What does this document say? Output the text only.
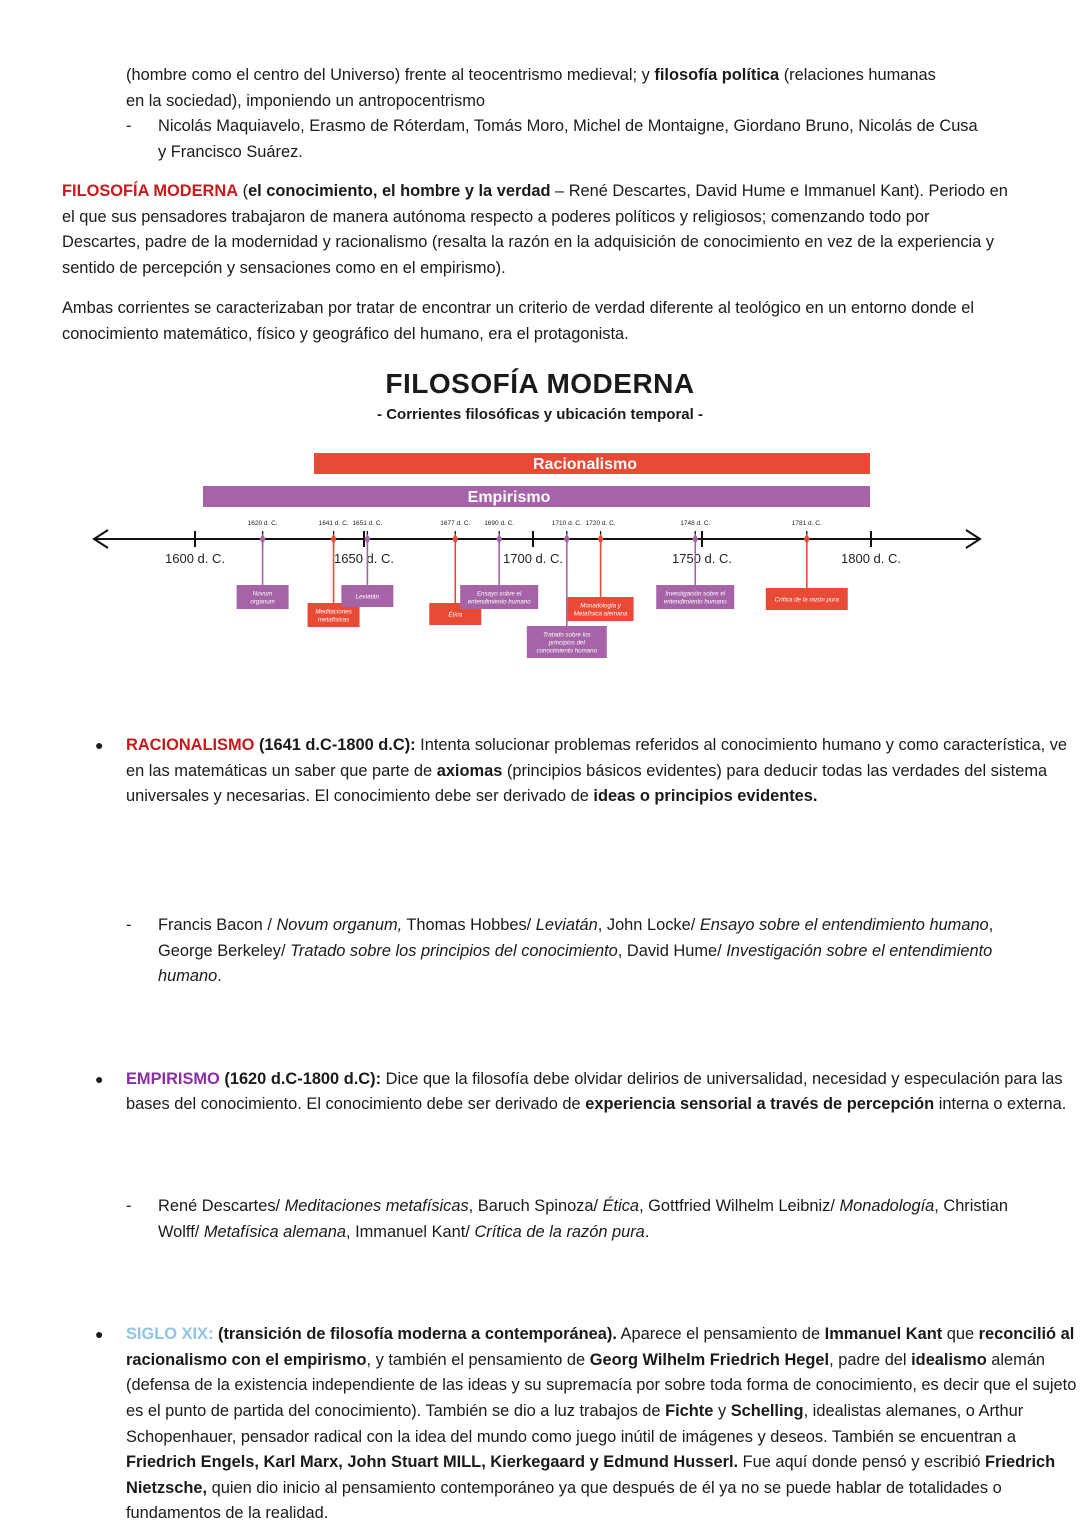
(hombre como el centro del Universo) frente al teocentrismo medieval; y filosofía política (relaciones humanas en la sociedad), imponiendo un antropocentrismo

- Nicolás Maquiavelo, Erasmo de Róterdam, Tomás Moro, Michel de Montaigne, Giordano Bruno, Nicolás de Cusa y Francisco Suárez.

FILOSOFÍA MODERNA (el conocimiento, el hombre y la verdad – René Descartes, David Hume e Immanuel Kant). Periodo en el que sus pensadores trabajaron de manera autónoma respecto a poderes políticos y religiosos; comenzando todo por Descartes, padre de la modernidad y racionalismo (resalta la razón en la adquisición de conocimiento en vez de la experiencia y sentido de percepción y sensaciones como en el empirismo).

Ambas corrientes se caracterizaban por tratar de encontrar un criterio de verdad diferente al teológico en un entorno donde el conocimiento matemático, físico y geográfico del humano, era el protagonista.

FILOSOFÍA MODERNA
- Corrientes filosóficas y ubicación temporal -
Racionalismo
Empirismo
1600 d. C.	1650 d. C.	1700 d. C.	1750 d. C.	1800 d. C.
1620 d. C.
Novum
organum
1641 d. C.
Meditaciones
metafísicas
1651 d. C.
Leviatán
1677 d. C.
Ética
1690 d. C.
Ensayo sobre el
entendimiento humano
1710 d. C.
Tratado sobre los
principios del
conocimiento humano
1720 d. C.
Monadología y
Metafísica alemana
1748 d. C.
Investigación sobre el
entendimiento humano
1781 d. C.
Crítica de la razón pura
● RACIONALISMO (1641 d.C-1800 d.C): Intenta solucionar problemas referidos al conocimiento humano y como característica, ve en las matemáticas un saber que parte de axiomas (principios básicos evidentes) para deducir todas las verdades del sistema universales y necesarias. El conocimiento debe ser derivado de ideas o principios evidentes.

- Francis Bacon / Novum organum, Thomas Hobbes/ Leviatán, John Locke/ Ensayo sobre el entendimiento humano, George Berkeley/ Tratado sobre los principios del conocimiento, David Hume/ Investigación sobre el entendimiento humano.
● EMPIRISMO (1620 d.C-1800 d.C): Dice que la filosofía debe olvidar delirios de universalidad, necesidad y especulación para las bases del conocimiento. El conocimiento debe ser derivado de experiencia sensorial a través de percepción interna o externa.

- René Descartes/ Meditaciones metafísicas, Baruch Spinoza/ Ética, Gottfried Wilhelm Leibniz/ Monadología, Christian Wolff/ Metafísica alemana, Immanuel Kant/ Crítica de la razón pura.
● SIGLO XIX: (transición de filosofía moderna a contemporánea). Aparece el pensamiento de Immanuel Kant que reconcilió al racionalismo con el empirismo, y también el pensamiento de Georg Wilhelm Friedrich Hegel, padre del idealismo alemán (defensa de la existencia independiente de las ideas y su supremacía por sobre toda forma de conocimiento, es decir que el sujeto es el punto de partida del conocimiento). También se dio a luz trabajos de Fichte y Schelling, idealistas alemanes, o Arthur Schopenhauer, pensador radical con la idea del mundo como juego inútil de imágenes y deseos. También se encuentran a Friedrich Engels, Karl Marx, John Stuart MILL, Kierkegaard y Edmund Husserl. Fue aquí donde pensó y escribió Friedrich Nietzsche, quien dio inicio al pensamiento contemporáneo ya que después de él ya no se puede hablar de totalidades o fundamentos de la realidad.
